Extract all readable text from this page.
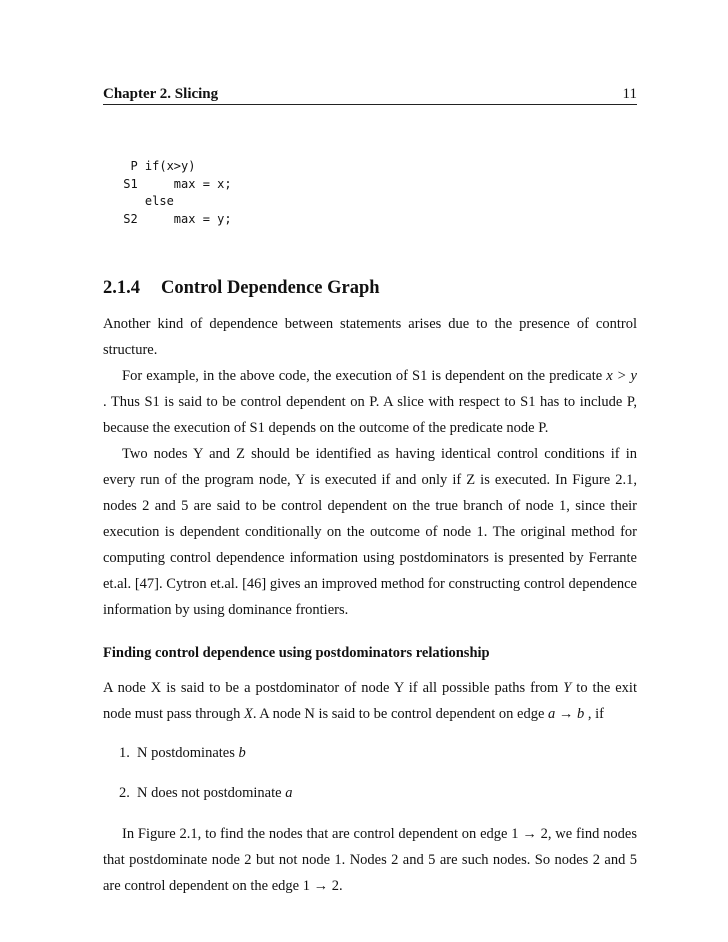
Chapter 2. Slicing	11
P if(x>y)
S1     max = x;
else
S2     max = y;
2.1.4 Control Dependence Graph

Another kind of dependence between statements arises due to the presence of control structure.

For example, in the above code, the execution of S1 is dependent on the predicate x > y . Thus S1 is said to be control dependent on P. A slice with respect to S1 has to include P, because the execution of S1 depends on the outcome of the predicate node P.

Two nodes Y and Z should be identified as having identical control conditions if in every run of the program node, Y is executed if and only if Z is executed. In Figure 2.1, nodes 2 and 5 are said to be control dependent on the true branch of node 1, since their execution is dependent conditionally on the outcome of node 1. The original method for computing control dependence information using postdominators is presented by Ferrante et.al. [47]. Cytron et.al. [46] gives an improved method for constructing control dependence information by using dominance frontiers.

Finding control dependence using postdominators relationship

A node X is said to be a postdominator of node Y if all possible paths from Y to the exit node must pass through X. A node N is said to be control dependent on edge a → b , if

1. N postdominates b
2. N does not postdominate a

In Figure 2.1, to find the nodes that are control dependent on edge 1 → 2, we find nodes that postdominate node 2 but not node 1. Nodes 2 and 5 are such nodes. So nodes 2 and 5 are control dependent on the edge 1 → 2.
